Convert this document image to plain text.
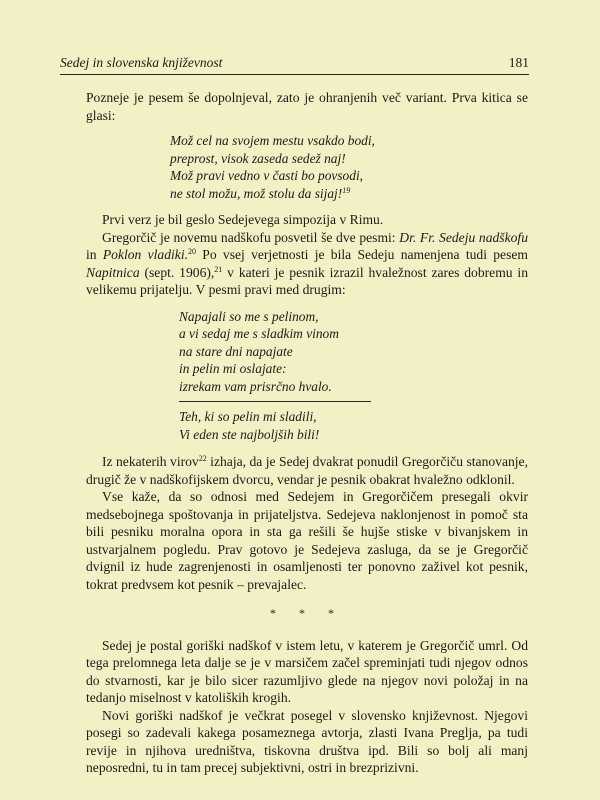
Sedej in slovenska književnost	181

Pozneje je pesem še dopolnjeval, zato je ohranjenih več variant. Prva kitica se glasi:

Mož cel na svojem mestu vsakdo bodi,
preprost, visok zaseda sedež naj!
Mož pravi vedno v časti bo povsodi,
ne stol možu, mož stolu da sijaj!$^{19}$

Prvi verz je bil geslo Sedejevega simpozija v Rimu.

Gregorčič je novemu nadškofu posvetil še dve pesmi: Dr. Fr. Sedeju nadškofu in Poklon vladiki.$^{20}$ Po vsej verjetnosti je bila Sedeju namenjena tudi pesem Napitnica (sept. 1906),$^{21}$ v kateri je pesnik izrazil hvaležnost zares dobremu in velikemu prijatelju. V pesmi pravi med drugim:

Napajali so me s pelinom,
a vi sedaj me s sladkim vinom
na stare dni napajate
in pelin mi oslajate:
izrekam vam prisrčno hvalo.
Teh, ki so pelin mi sladili,
Vi eden ste najboljših bili!

Iz nekaterih virov$^{22}$ izhaja, da je Sedej dvakrat ponudil Gregorčiču stanovanje, drugič že v nadškofijskem dvorcu, vendar je pesnik obakrat hvaležno odklonil.

Vse kaže, da so odnosi med Sedejem in Gregorčičem presegali okvir medsebojnega spoštovanja in prijateljstva. Sedejeva naklonjenost in pomoč sta bili pesniku moralna opora in sta ga rešili še hujše stiske v bivanjskem in ustvarjalnem pogledu. Prav gotovo je Sedejeva zasluga, da se je Gregorčič dvignil iz hude zagrenjenosti in osamljenosti ter ponovno zaživel kot pesnik, tokrat predvsem kot pesnik – prevajalec.

* * *

Sedej je postal goriški nadškof v istem letu, v katerem je Gregorčič umrl. Od tega prelomnega leta dalje se je v marsičem začel spreminjati tudi njegov odnos do stvarnosti, kar je bilo sicer razumljivo glede na njegov novi položaj in na tedanjo miselnost v katoliških krogih.

Novi goriški nadškof je večkrat posegel v slovensko književnost. Njegovi posegi so zadevali kakega posameznega avtorja, zlasti Ivana Preglja, pa tudi revije in njihova uredništva, tiskovna društva ipd. Bili so bolj ali manj neposredni, tu in tam precej subjektivni, ostri in brezprizivni.
